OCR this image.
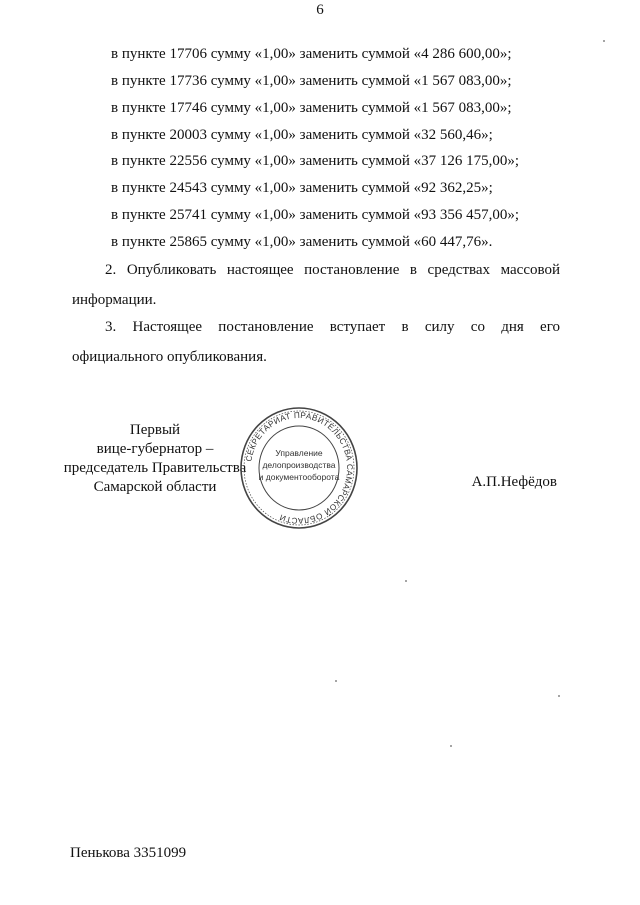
6
в пункте 17706 сумму «1,00» заменить суммой «4 286 600,00»;
в пункте 17736 сумму «1,00» заменить суммой «1 567 083,00»;
в пункте 17746 сумму «1,00» заменить суммой «1 567 083,00»;
в пункте 20003 сумму «1,00» заменить суммой «32 560,46»;
в пункте 22556 сумму «1,00» заменить суммой «37 126 175,00»;
в пункте 24543 сумму «1,00» заменить суммой «92 362,25»;
в пункте 25741 сумму «1,00» заменить суммой «93 356 457,00»;
в пункте 25865 сумму «1,00» заменить суммой «60 447,76».
2. Опубликовать настоящее постановление в средствах массовой
информации.
3. Настоящее постановление вступает в силу со дня его
официального опубликования.
Первый
вице-губернатор –
председатель Правительства
Самарской области
СЕКРЕТАРИАТ ПРАВИТЕЛЬСТВА САМАРСКОЙ ОБЛАСТИ
Управление
делопроизводства
и документооборота	А.П.Нефёдов
Пенькова 3351099
